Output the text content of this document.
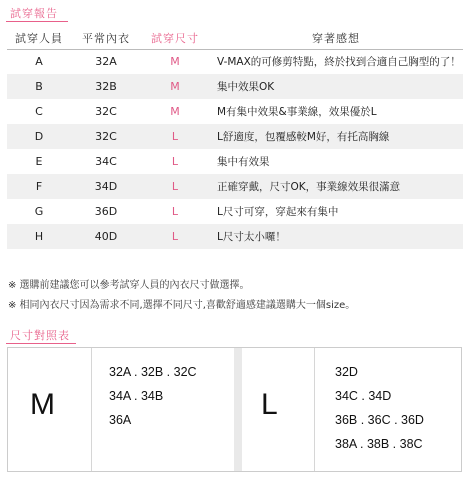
試穿報告
試穿人員	平常內衣	試穿尺寸	穿著感想
A	32A	M	V-MAX的可修剪特點，終於找到合適自己胸型的了！
B	32B	M	集中效果OK
C	32C	M	M有集中效果&事業線，效果優於L
D	32C	L	L舒適度，包覆感較M好，有托高胸線
E	34C	L	集中有效果
F	34D	L	正確穿戴，尺寸OK，事業線效果很滿意
G	36D	L	L尺寸可穿，穿起來有集中
H	40D	L	L尺寸太小囉！
※ 選購前建議您可以參考試穿人員的內衣尺寸做選擇。
※ 相同內衣尺寸因為需求不同,選擇不同尺寸,喜歡舒適感建議選購大一個size。
尺寸對照表
M
32A . 32B . 32C
34A . 34B
36A	L
32D
34C . 34D
36B . 36C . 36D
38A . 38B . 38C
